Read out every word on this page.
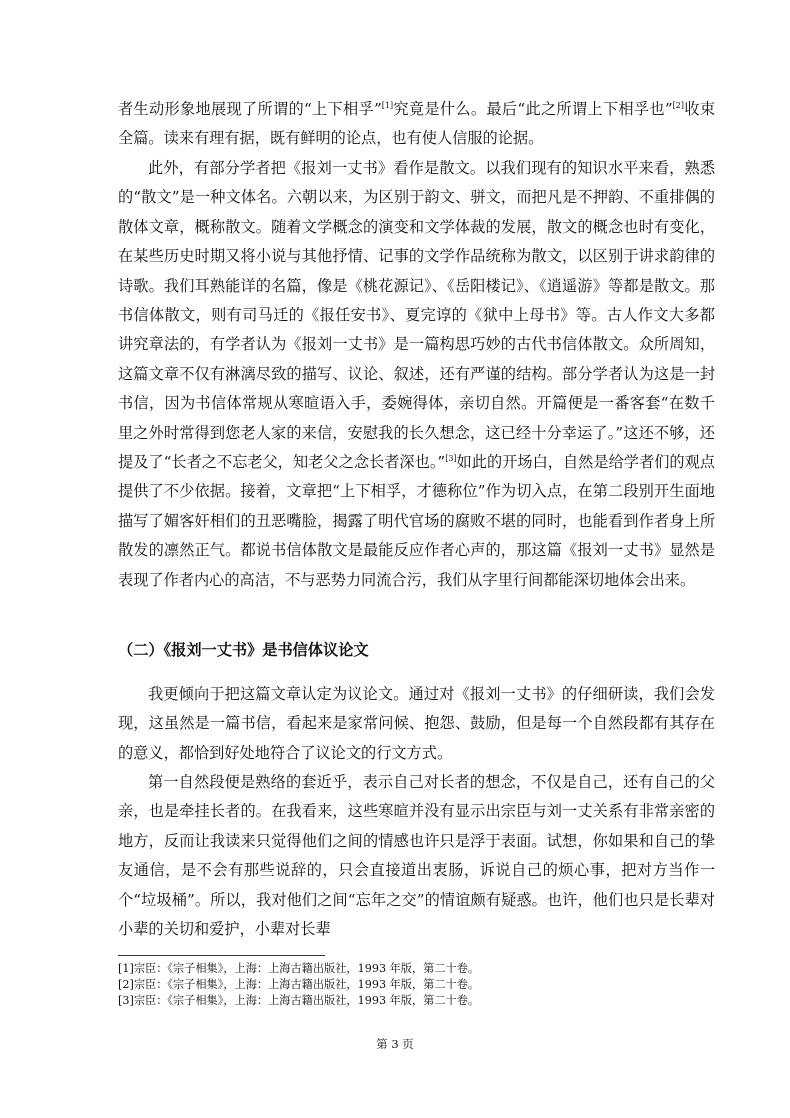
者生动形象地展现了所谓的“上下相孚”[1]究竟是什么。最后“此之所谓上下相孚也”[2]收束全篇。读来有理有据，既有鲜明的论点，也有使人信服的论据。

此外，有部分学者把《报刘一丈书》看作是散文。以我们现有的知识水平来看，熟悉的“散文”是一种文体名。六朝以来，为区别于韵文、骈文，而把凡是不押韵、不重排偶的散体文章，概称散文。随着文学概念的演变和文学体裁的发展，散文的概念也时有变化，在某些历史时期又将小说与其他抒情、记事的文学作品统称为散文，以区别于讲求韵律的诗歌。我们耳熟能详的名篇，像是《桃花源记》、《岳阳楼记》、《逍遥游》等都是散文。那书信体散文，则有司马迁的《报任安书》、夏完谆的《狱中上母书》等。古人作文大多都讲究章法的，有学者认为《报刘一丈书》是一篇构思巧妙的古代书信体散文。众所周知，这篇文章不仅有淋漓尽致的描写、议论、叙述，还有严谨的结构。部分学者认为这是一封书信，因为书信体常规从寒暄语入手，委婉得体，亲切自然。开篇便是一番客套“在数千里之外时常得到您老人家的来信，安慰我的长久想念，这已经十分幸运了。”这还不够，还提及了“长者之不忘老父，知老父之念长者深也。”[3]如此的开场白，自然是给学者们的观点提供了不少依据。接着，文章把“上下相孚，才德称位”作为切入点，在第二段别开生面地描写了媚客奸相们的丑恶嘴脸，揭露了明代官场的腐败不堪的同时，也能看到作者身上所散发的凛然正气。都说书信体散文是最能反应作者心声的，那这篇《报刘一丈书》显然是表现了作者内心的高洁，不与恶势力同流合污，我们从字里行间都能深切地体会出来。

（二）《报刘一丈书》是书信体议论文

我更倾向于把这篇文章认定为议论文。通过对《报刘一丈书》的仔细研读，我们会发现，这虽然是一篇书信，看起来是家常问候、抱怨、鼓励，但是每一个自然段都有其存在的意义，都恰到好处地符合了议论文的行文方式。

第一自然段便是熟络的套近乎，表示自己对长者的想念，不仅是自己，还有自己的父亲，也是牵挂长者的。在我看来，这些寒暄并没有显示出宗臣与刘一丈关系有非常亲密的地方，反而让我读来只觉得他们之间的情感也许只是浮于表面。试想，你如果和自己的挚友通信，是不会有那些说辞的，只会直接道出衷肠，诉说自己的烦心事，把对方当作一个“垃圾桶”。所以，我对他们之间“忘年之交”的情谊颇有疑惑。也许，他们也只是长辈对小辈的关切和爱护，小辈对长辈

[1]宗臣：《宗子相集》，上海：上海古籍出版社，1993 年版，第二十卷。
[2]宗臣：《宗子相集》，上海：上海古籍出版社，1993 年版，第二十卷。
[3]宗臣：《宗子相集》，上海：上海古籍出版社，1993 年版，第二十卷。
第 3 页
